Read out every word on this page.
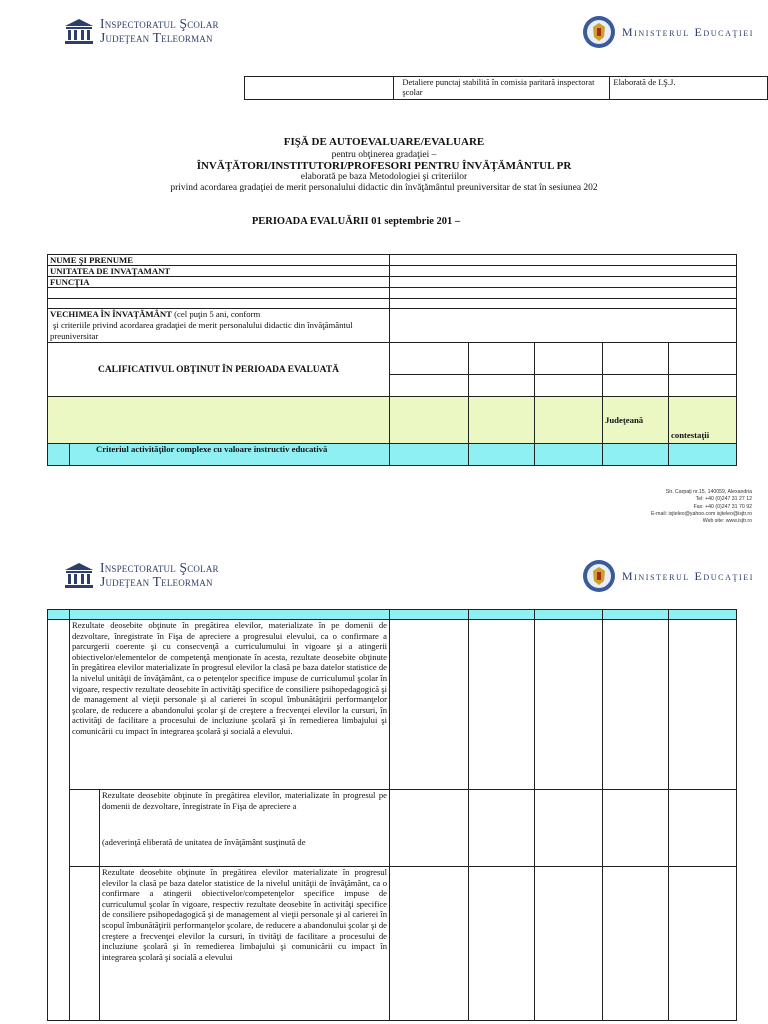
Inspectoratul Şcolar
Judeţean Teleorman	Ministerul Educaţiei
	Detaliere punctaj stabilită în comisia paritară inspectorat şcolar	Elaborată de I.Ş.J.
FIŞĂ DE AUTOEVALUARE/EVALUARE
pentru obţinerea gradaţiei –
ÎNVĂŢĂTORI/INSTITUTORI/PROFESORI PENTRU ÎNVĂŢĂMÂNTUL PR
elaborată pe baza Metodologiei şi criteriilor
privind acordarea gradaţiei de merit personalului didactic din învăţământul preuniversitar de stat în sesiunea 202
PERIOADA EVALUĂRII 01 septembrie 201 –
NUME ŞI PRENUME						
UNITATEA DE INVAŢAMANT						
FUNCŢIA						

VECHIMEA ÎN ÎNVAŢĂMÂNT (cel puţin 5 ani, conform
şi criteriile privind acordarea gradaţiei de merit personalului didactic din învăţământul preuniversitar						
CALIFICATIVUL OBŢINUT ÎN PERIOADA EVALUATĂ						

					Judeţeană	contestaţii
	Criteriul activităţilor complexe cu valoare instructiv educativă					
Str. Carpaţi nr.15, 140059, Alexandria
Tel: +40 (0)247 31 27 12
Fax: +40 (0)247 31 70 92
E-mail: isjteleo@yahoo.com isjteleo@isjtr.ro
Web site: www.isjtr.ro
Inspectoratul Şcolar
Judeţean Teleorman	Ministerul Educaţiei

	Rezultate deosebite obţinute în pregătirea elevilor, materializate în pe domenii de dezvoltare, înregistrate în Fişa de apreciere a progresului elevului, ca o confirmare a parcurgerii coerente şi cu consecvenţă a curriculumului în vigoare şi a atingerii obiectivelor/elementelor de competenţă menţionate în acesta, rezultate deosebite obţinute în pregătirea elevilor materializate în progresul elevilor la clasă pe baza datelor statistice de la nivelul unităţii de învăţământ, ca o petenţelor specifice impuse de curriculumul şcolar în vigoare, respectiv rezultate deosebite în activităţi specifice de consiliere psihopedagogică şi de management al vieţii personale şi al carierei în scopul îmbunătăţirii performanţelor şcolare, de reducere a abandonului şcolar şi de creştere a frecvenţei elevilor la cursuri, în activităţi de facilitare a procesului de incluziune şcolară şi în remedierea limbajului şi comunicării cu impact în integrarea şcolară şi socială a elevului.						

		Rezultate deosebite obţinute în pregătirea elevilor, materializate în progresul pe domenii de dezvoltare, înregistrate în Fişa de apreciere a
(adeverinţă eliberată de unitatea de învăţământ susţinută de					

		Rezultate deosebite obţinute în pregătirea elevilor materializate în progresul elevilor la clasă pe baza datelor statistice de la nivelul unităţii de învăţământ, ca o confirmare a atingerii obiectivelor/competenţelor specifice impuse de curriculumul şcolar în vigoare, respectiv rezultate deosebite în activităţi specifice de consiliere psihopedagogică şi de management al vieţii personale şi al carierei în scopul îmbunătăţirii performanţelor şcolare, de reducere a abandonului şcolar şi de creştere a frecvenţei elevilor la cursuri, în tivităţi de facilitare a procesului de incluziune şcolară şi în remedierea limbajului şi comunicării cu impact în integrarea şcolară şi socială a elevului					
